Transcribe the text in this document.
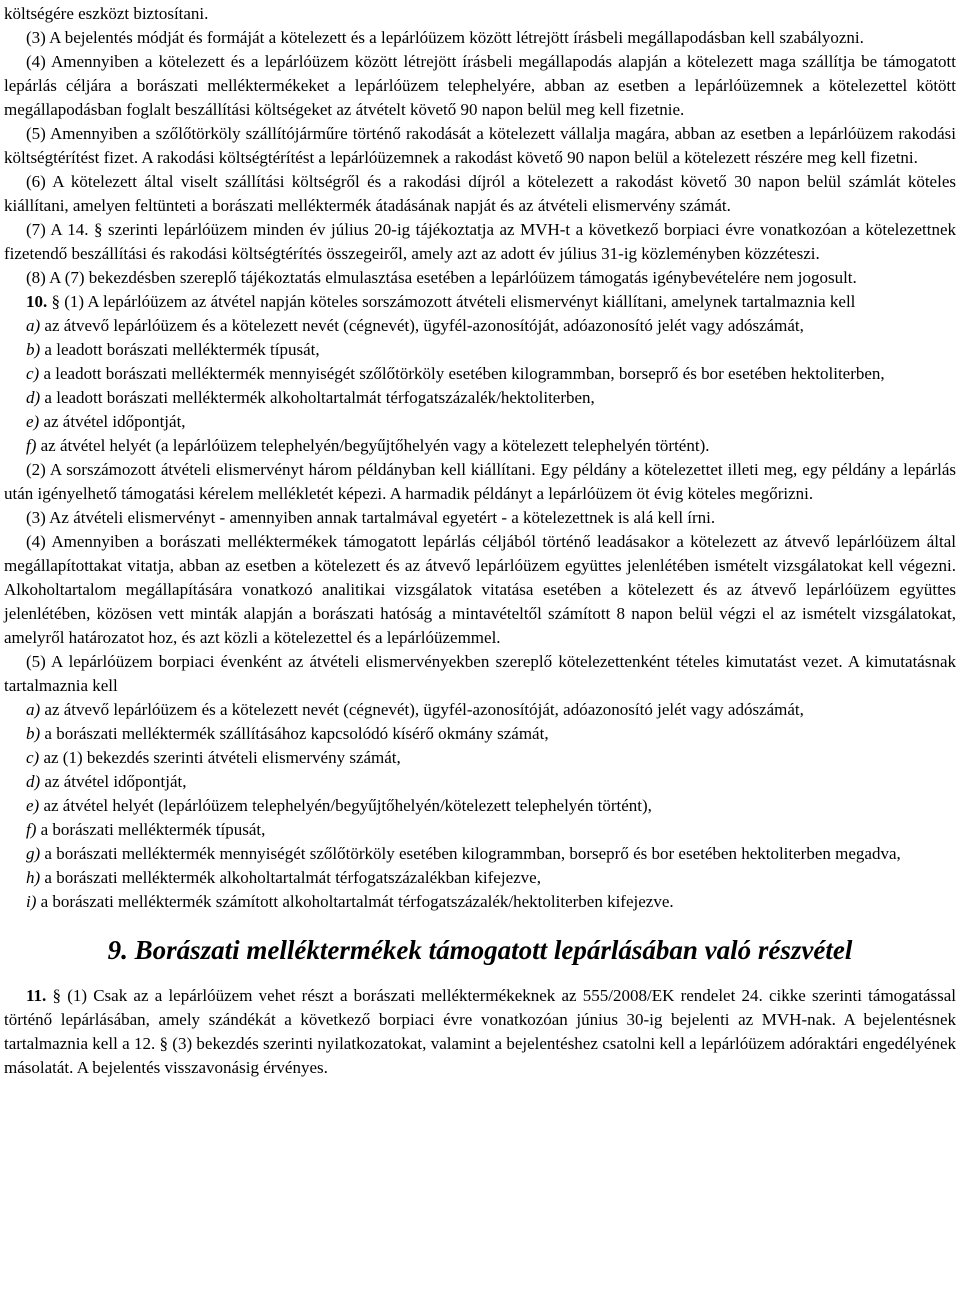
költségére eszközt biztosítani.

(3) A bejelentés módját és formáját a kötelezett és a lepárlóüzem között létrejött írásbeli megállapodásban kell szabályozni.

(4) Amennyiben a kötelezett és a lepárlóüzem között létrejött írásbeli megállapodás alapján a kötelezett maga szállítja be támogatott lepárlás céljára a borászati melléktermékeket a lepárlóüzem telephelyére, abban az esetben a lepárlóüzemnek a kötelezettel kötött megállapodásban foglalt beszállítási költségeket az átvételt követő 90 napon belül meg kell fizetnie.

(5) Amennyiben a szőlőtörköly szállítójárműre történő rakodását a kötelezett vállalja magára, abban az esetben a lepárlóüzem rakodási költségtérítést fizet. A rakodási költségtérítést a lepárlóüzemnek a rakodást követő 90 napon belül a kötelezett részére meg kell fizetni.

(6) A kötelezett által viselt szállítási költségről és a rakodási díjról a kötelezett a rakodást követő 30 napon belül számlát köteles kiállítani, amelyen feltünteti a borászati melléktermék átadásának napját és az átvételi elismervény számát.

(7) A 14. § szerinti lepárlóüzem minden év július 20-ig tájékoztatja az MVH-t a következő borpiaci évre vonatkozóan a kötelezettnek fizetendő beszállítási és rakodási költségtérítés összegeiről, amely azt az adott év július 31-ig közleményben közzéteszi.

(8) A (7) bekezdésben szereplő tájékoztatás elmulasztása esetében a lepárlóüzem támogatás igénybevételére nem jogosult.

10. § (1) A lepárlóüzem az átvétel napján köteles sorszámozott átvételi elismervényt kiállítani, amelynek tartalmaznia kell

a) az átvevő lepárlóüzem és a kötelezett nevét (cégnevét), ügyfél-azonosítóját, adóazonosító jelét vagy adószámát,

b) a leadott borászati melléktermék típusát,

c) a leadott borászati melléktermék mennyiségét szőlőtörköly esetében kilogrammban, borseprő és bor esetében hektoliterben,

d) a leadott borászati melléktermék alkoholtartalmát térfogatszázalék/hektoliterben,

e) az átvétel időpontját,

f) az átvétel helyét (a lepárlóüzem telephelyén/begyűjtőhelyén vagy a kötelezett telephelyén történt).

(2) A sorszámozott átvételi elismervényt három példányban kell kiállítani. Egy példány a kötelezettet illeti meg, egy példány a lepárlás után igényelhető támogatási kérelem mellékletét képezi. A harmadik példányt a lepárlóüzem öt évig köteles megőrizni.

(3) Az átvételi elismervényt - amennyiben annak tartalmával egyetért - a kötelezettnek is alá kell írni.

(4) Amennyiben a borászati melléktermékek támogatott lepárlás céljából történő leadásakor a kötelezett az átvevő lepárlóüzem által megállapítottakat vitatja, abban az esetben a kötelezett és az átvevő lepárlóüzem együttes jelenlétében ismételt vizsgálatokat kell végezni. Alkoholtartalom megállapítására vonatkozó analitikai vizsgálatok vitatása esetében a kötelezett és az átvevő lepárlóüzem együttes jelenlétében, közösen vett minták alapján a borászati hatóság a mintavételtől számított 8 napon belül végzi el az ismételt vizsgálatokat, amelyről határozatot hoz, és azt közli a kötelezettel és a lepárlóüzemmel.

(5) A lepárlóüzem borpiaci évenként az átvételi elismervényekben szereplő kötelezettenként tételes kimutatást vezet. A kimutatásnak tartalmaznia kell

a) az átvevő lepárlóüzem és a kötelezett nevét (cégnevét), ügyfél-azonosítóját, adóazonosító jelét vagy adószámát,

b) a borászati melléktermék szállításához kapcsolódó kísérő okmány számát,

c) az (1) bekezdés szerinti átvételi elismervény számát,

d) az átvétel időpontját,

e) az átvétel helyét (lepárlóüzem telephelyén/begyűjtőhelyén/kötelezett telephelyén történt),

f) a borászati melléktermék típusát,

g) a borászati melléktermék mennyiségét szőlőtörköly esetében kilogrammban, borseprő és bor esetében hektoliterben megadva,

h) a borászati melléktermék alkoholtartalmát térfogatszázalékban kifejezve,

i) a borászati melléktermék számított alkoholtartalmát térfogatszázalék/hektoliterben kifejezve.

9. Borászati melléktermékek támogatott lepárlásában való részvétel

11. § (1) Csak az a lepárlóüzem vehet részt a borászati melléktermékeknek az 555/2008/EK rendelet 24. cikke szerinti támogatással történő lepárlásában, amely szándékát a következő borpiaci évre vonatkozóan június 30-ig bejelenti az MVH-nak. A bejelentésnek tartalmaznia kell a 12. § (3) bekezdés szerinti nyilatkozatokat, valamint a bejelentéshez csatolni kell a lepárlóüzem adóraktári engedélyének másolatát. A bejelentés visszavonásig érvényes.
